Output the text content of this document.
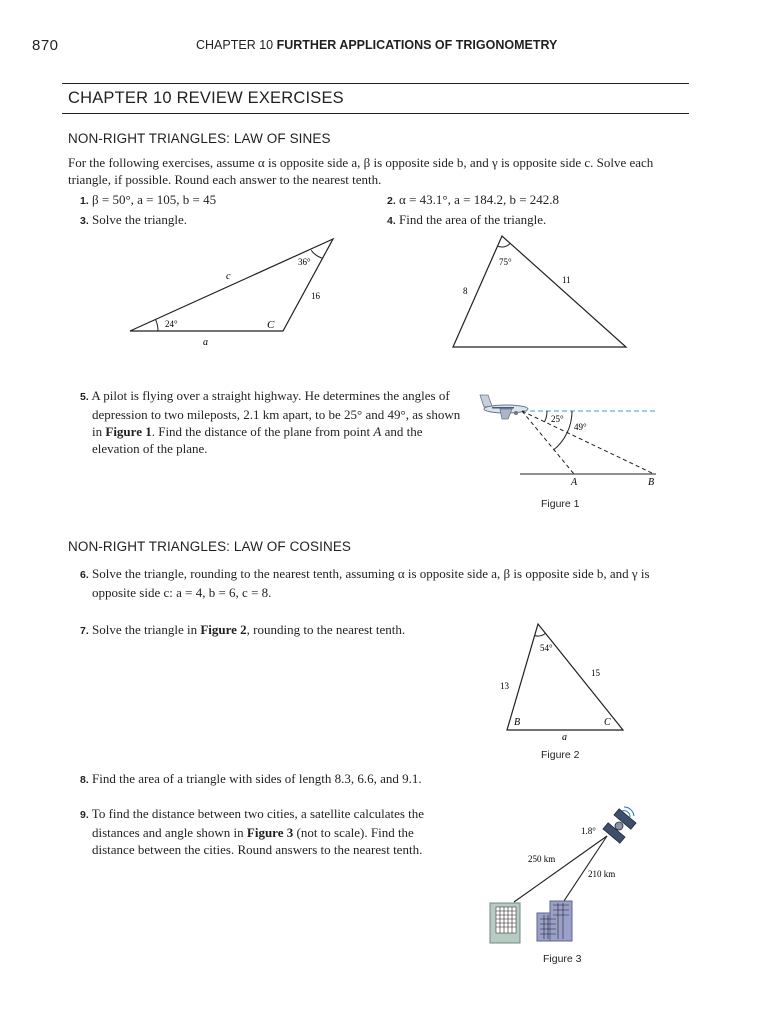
870	CHAPTER 10 FURTHER APPLICATIONS OF TRIGONOMETRY
CHAPTER 10 REVIEW EXERCISES
NON-RIGHT TRIANGLES: LAW OF SINES
For the following exercises, assume α is opposite side a, β is opposite side b, and γ is opposite side c. Solve each triangle, if possible. Round each answer to the nearest tenth.
1. β = 50°, a = 105, b = 45	2. α = 43.1°, a = 184.2, b = 242.8
3. Solve the triangle.	4. Find the area of the triangle.
36°
24°	C
c
16
a
75°
8
11
5. A pilot is flying over a straight highway. He determines the angles of depression to two mileposts, 2.1 km apart, to be 25° and 49°, as shown in Figure 1. Find the distance of the plane from point A and the elevation of the plane.
25°
49°
A	B
Figure 1
NON-RIGHT TRIANGLES: LAW OF COSINES
6. Solve the triangle, rounding to the nearest tenth, assuming α is opposite side a, β is opposite side b, and γ is opposite side c: a = 4, b = 6, c = 8.
7. Solve the triangle in Figure 2, rounding to the nearest tenth.
54°
13
15
B	C
a
Figure 2
8. Find the area of a triangle with sides of length 8.3, 6.6, and 9.1.
9. To find the distance between two cities, a satellite calculates the distances and angle shown in Figure 3 (not to scale). Find the distance between the cities. Round answers to the nearest tenth.
1.8°
250 km
210 km
Figure 3
